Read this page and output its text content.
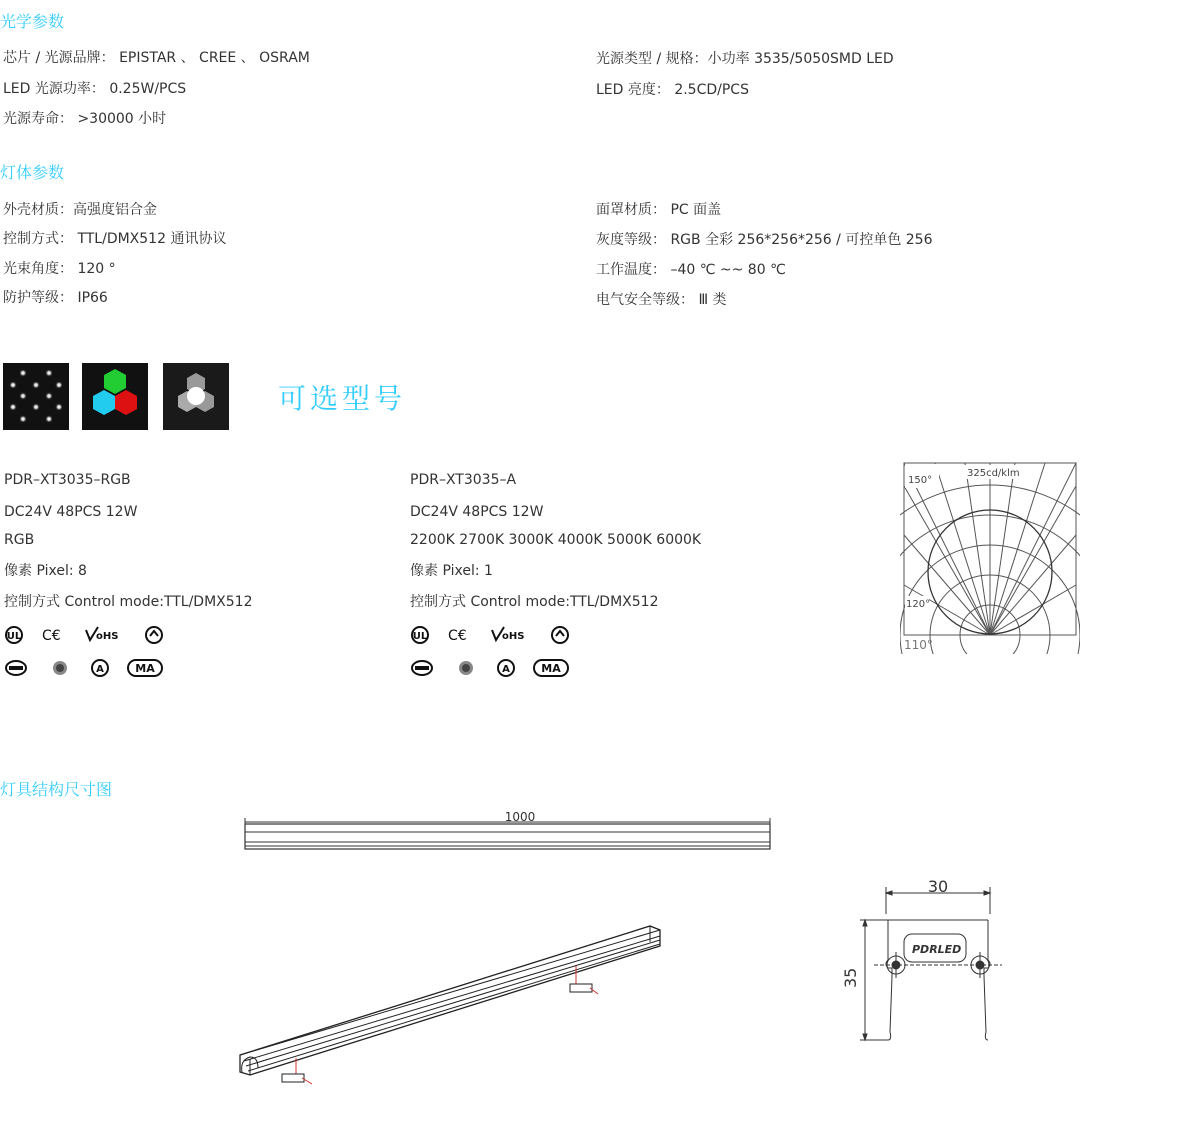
光学参数
芯片 / 光源品牌： EPISTAR 、 CREE 、 OSRAM
LED 光源功率： 0.25W/PCS
光源寿命： >30000 小时
光源类型 / 规格：小功率 3535/5050SMD LED
LED 亮度： 2.5CD/PCS
灯体参数
外壳材质：高强度铝合金
控制方式： TTL/DMX512 通讯协议
光束角度： 120 °
防护等级： IP66
面罩材质： PC 面盖
灰度等级： RGB 全彩 256*256*256 / 可控单色 256
工作温度： –40 ℃ ~~ 80 ℃
电气安全等级： Ⅲ 类
可选型号
PDR–XT3035–RGB
DC24V 48PCS 12W
RGB
像素 Pixel: 8
控制方式 Control mode:TTL/DMX512
PDR–XT3035–A
DC24V 48PCS 12W
2200K 2700K 3000K 4000K 5000K 6000K
像素 Pixel: 1
控制方式 Control mode:TTL/DMX512
UL C€	oHS
A	MA
UL C€	oHS
A	MA
150°
325cd/klm
120°
110°
灯具结构尺寸图
1000
PDRLED
30
35
